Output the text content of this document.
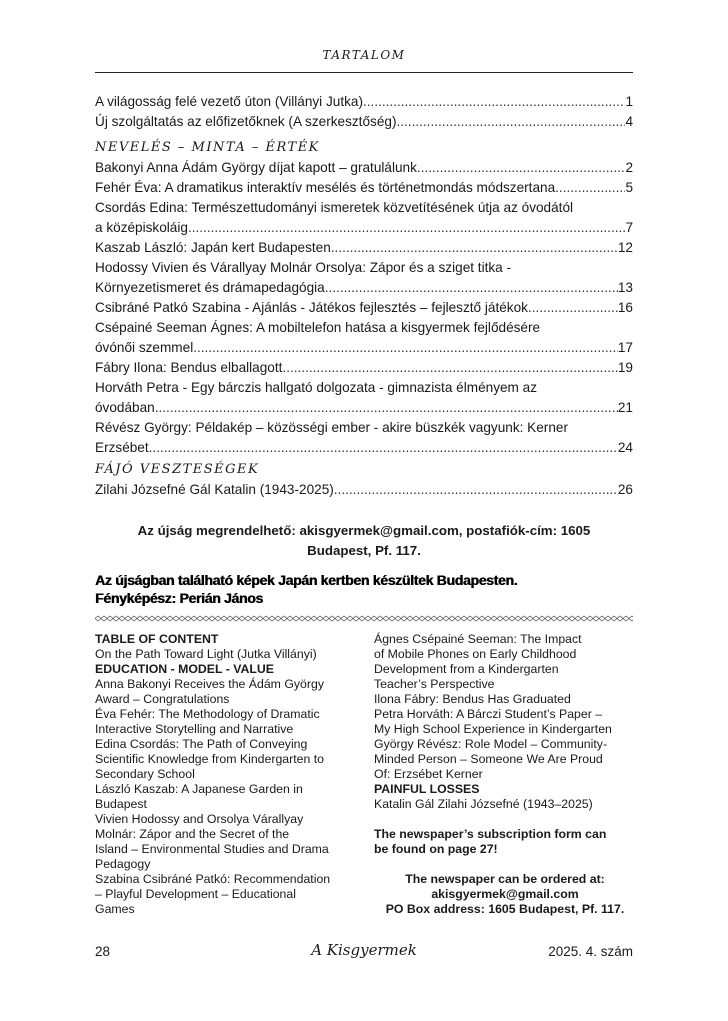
TARTALOM
A világosság felé vezető úton (Villányi Jutka) .....	1
Új szolgáltatás az előfizetőknek (A szerkesztőség) .....	4
NEVELÉS – MINTA – ÉRTÉK
Bakonyi Anna Ádám György díjat kapott – gratulálunk .....	2
Fehér Éva: A dramatikus interaktív mesélés és történetmondás módszertana .....	5
Csordás Edina: Természettudományi ismeretek közvetítésének útja az óvodától
a középiskoláig .....	7
Kaszab László: Japán kert Budapesten .....	12
Hodossy Vivien és Várallyay Molnár Orsolya: Zápor és a sziget titka -
Környezetismeret és drámapedagógia .....	13
Csibráné Patkó Szabina - Ajánlás - Játékos fejlesztés – fejlesztő játékok .....	16
Csépainé Seeman Ágnes: A mobiltelefon hatása a kisgyermek fejlődésére
óvónői szemmel .....	17
Fábry Ilona: Bendus elballagott .....	19
Horváth Petra - Egy bárczis hallgató dolgozata - gimnazista élményem az
óvodában .....	21
Révész György: Példakép – közösségi ember - akire büszkék vagyunk: Kerner
Erzsébet .....	24
FÁJÓ VESZTESÉGEK
Zilahi Józsefné Gál Katalin (1943-2025) .....	26
Az újság megrendelhető: akisgyermek@gmail.com, postafiók-cím: 1605
Budapest, Pf. 117.
Az újságban található képek Japán kertben készültek Budapesten.
Fényképész: Perián János
TABLE OF CONTENT
On the Path Toward Light (Jutka Villányi)
EDUCATION - MODEL - VALUE
Anna Bakonyi Receives the Ádám György
Award – Congratulations
Éva Fehér: The Methodology of Dramatic
Interactive Storytelling and Narrative
Edina Csordás: The Path of Conveying
Scientific Knowledge from Kindergarten to
Secondary School
László Kaszab: A Japanese Garden in
Budapest
Vivien Hodossy and Orsolya Várallyay
Molnár: Zápor and the Secret of the
Island – Environmental Studies and Drama
Pedagogy
Szabina Csibráné Patkó: Recommendation
– Playful Development – Educational
Games
Ágnes Csépainé Seeman: The Impact
of Mobile Phones on Early Childhood
Development from a Kindergarten
Teacher’s Perspective
Ilona Fábry: Bendus Has Graduated
Petra Horváth: A Bárczi Student’s Paper –
My High School Experience in Kindergarten
György Révész: Role Model – Community-
Minded Person – Someone We Are Proud
Of: Erzsébet Kerner
PAINFUL LOSSES
Katalin Gál Zilahi Józsefné (1943–2025)

The newspaper’s subscription form can
be found on page 27!

The newspaper can be ordered at:
akisgyermek@gmail.com
PO Box address: 1605 Budapest, Pf. 117.
28	A Kisgyermek	2025. 4. szám
